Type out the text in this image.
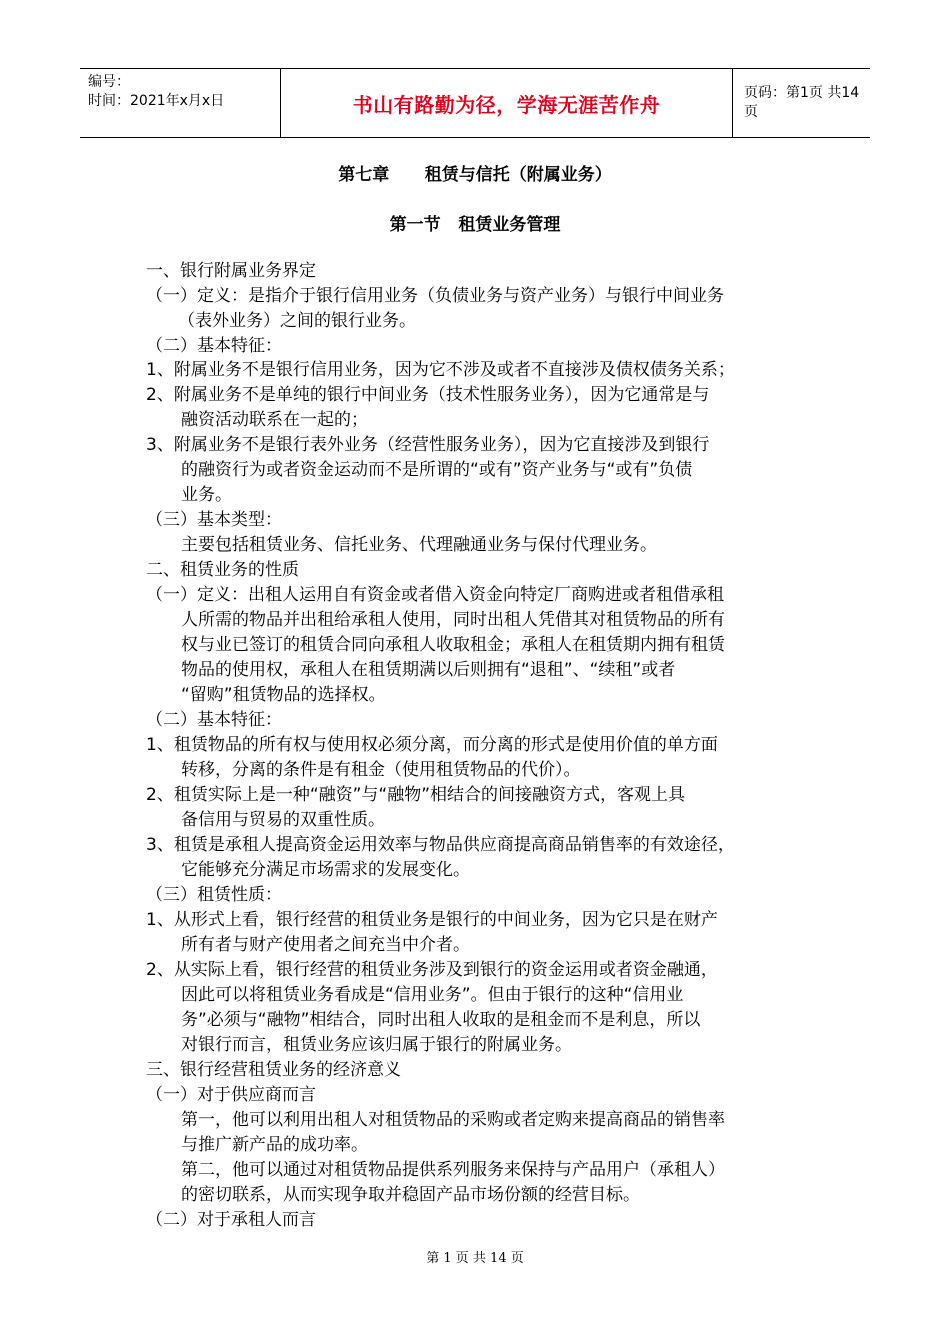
编号：
时间：2021年x月x日	书山有路勤为径，学海无涯苦作舟	页码：第1页 共14页
第七章      租赁与信托（附属业务）
第一节   租赁业务管理
一、银行附属业务界定
（一）定义：是指介于银行信用业务（负债业务与资产业务）与银行中间业务
（表外业务）之间的银行业务。
（二）基本特征：
1、附属业务不是银行信用业务，因为它不涉及或者不直接涉及债权债务关系；
2、附属业务不是单纯的银行中间业务（技术性服务业务），因为它通常是与
融资活动联系在一起的；
3、附属业务不是银行表外业务（经营性服务业务），因为它直接涉及到银行
的融资行为或者资金运动而不是所谓的“或有”资产业务与“或有”负债
业务。
（三）基本类型：
主要包括租赁业务、信托业务、代理融通业务与保付代理业务。
二、租赁业务的性质
（一）定义：出租人运用自有资金或者借入资金向特定厂商购进或者租借承租
人所需的物品并出租给承租人使用，同时出租人凭借其对租赁物品的所有
权与业已签订的租赁合同向承租人收取租金；承租人在租赁期内拥有租赁
物品的使用权，承租人在租赁期满以后则拥有“退租”、“续租”或者
“留购”租赁物品的选择权。
（二）基本特征：
1、租赁物品的所有权与使用权必须分离，而分离的形式是使用价值的单方面
转移，分离的条件是有租金（使用租赁物品的代价）。
2、租赁实际上是一种“融资”与“融物”相结合的间接融资方式，客观上具
备信用与贸易的双重性质。
3、租赁是承租人提高资金运用效率与物品供应商提高商品销售率的有效途径，
它能够充分满足市场需求的发展变化。
（三）租赁性质：
1、从形式上看，银行经营的租赁业务是银行的中间业务，因为它只是在财产
所有者与财产使用者之间充当中介者。
2、从实际上看，银行经营的租赁业务涉及到银行的资金运用或者资金融通，
因此可以将租赁业务看成是“信用业务”。但由于银行的这种“信用业
务”必须与“融物”相结合，同时出租人收取的是租金而不是利息，所以
对银行而言，租赁业务应该归属于银行的附属业务。
三、银行经营租赁业务的经济意义
（一）对于供应商而言
第一，他可以利用出租人对租赁物品的采购或者定购来提高商品的销售率
与推广新产品的成功率。
第二，他可以通过对租赁物品提供系列服务来保持与产品用户（承租人）
的密切联系，从而实现争取并稳固产品市场份额的经营目标。
（二）对于承租人而言
第 1 页 共 14 页
